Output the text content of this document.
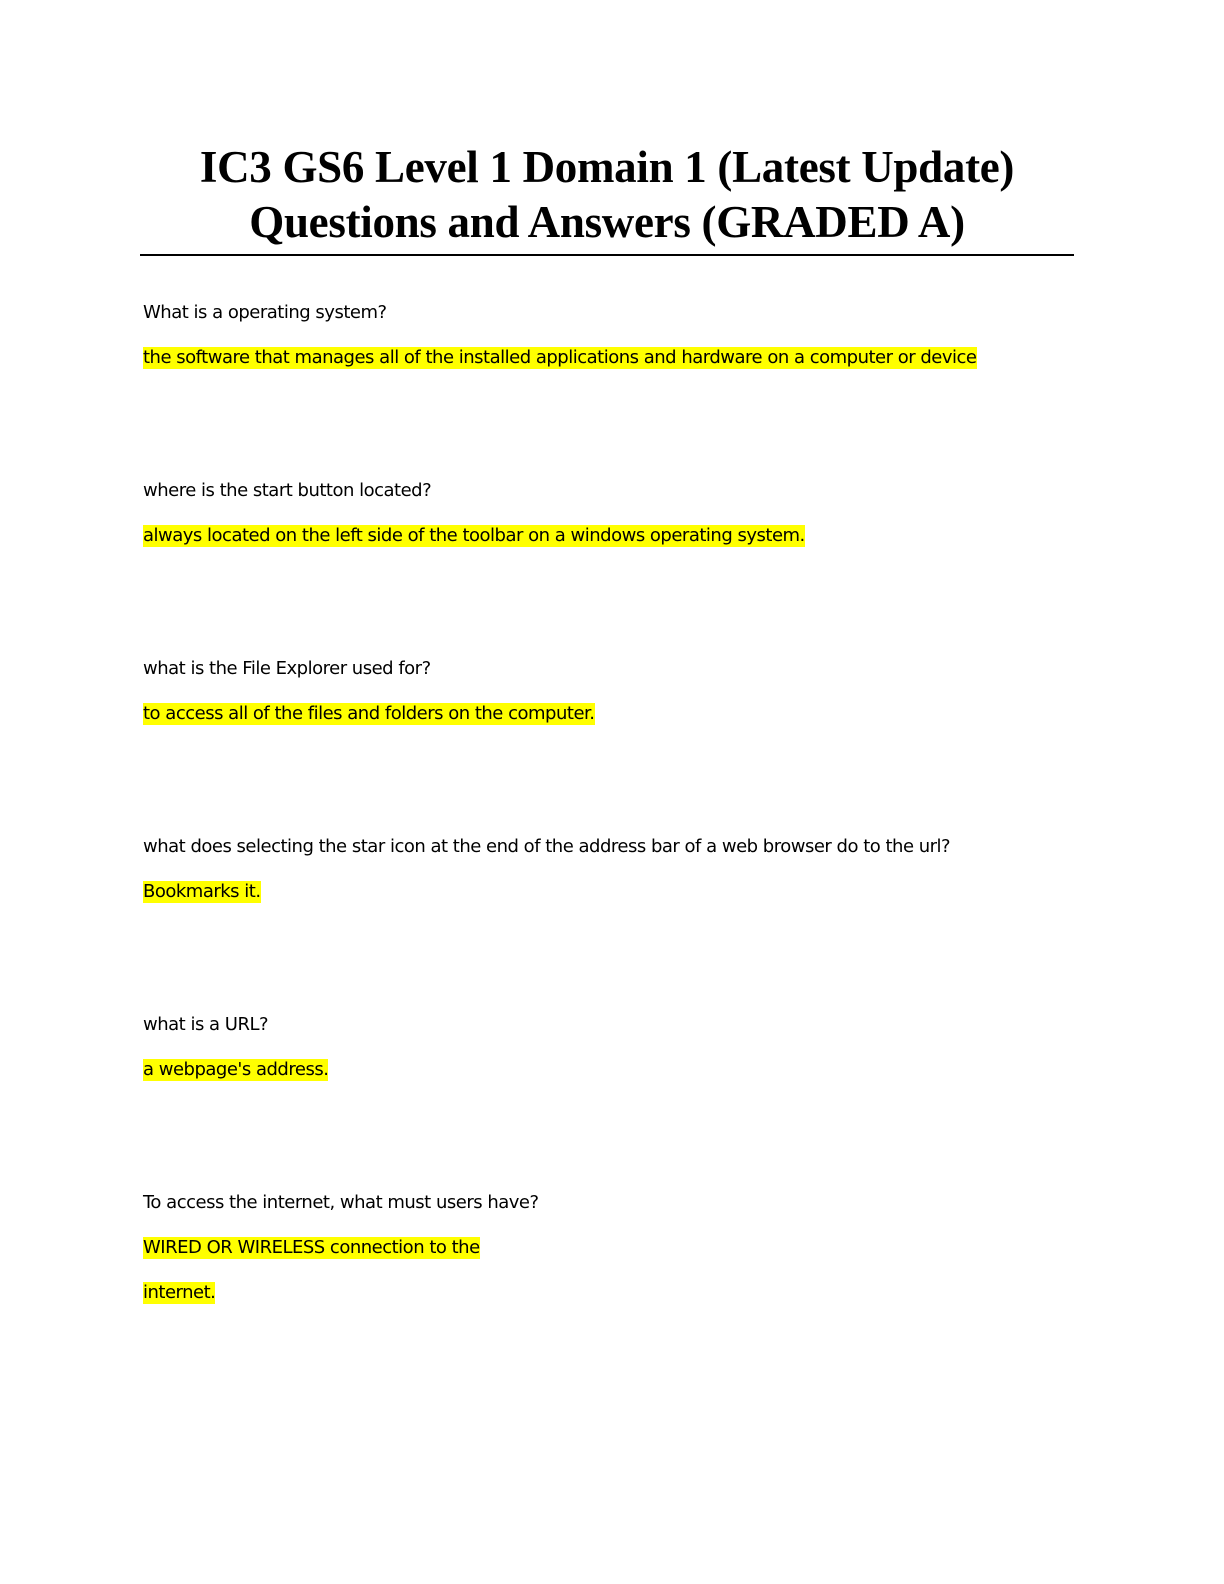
IC3 GS6 Level 1 Domain 1 (Latest Update)
Questions and Answers (GRADED A)
What is a operating system?
the software that manages all of the installed applications and hardware on a computer or device
where is the start button located?
always located on the left side of the toolbar on a windows operating system.
what is the File Explorer used for?
to access all of the files and folders on the computer.
what does selecting the star icon at the end of the address bar of a web browser do to the url?
Bookmarks it.
what is a URL?
a webpage's address.
To access the internet, what must users have?
WIRED OR WIRELESS connection to the
internet.
